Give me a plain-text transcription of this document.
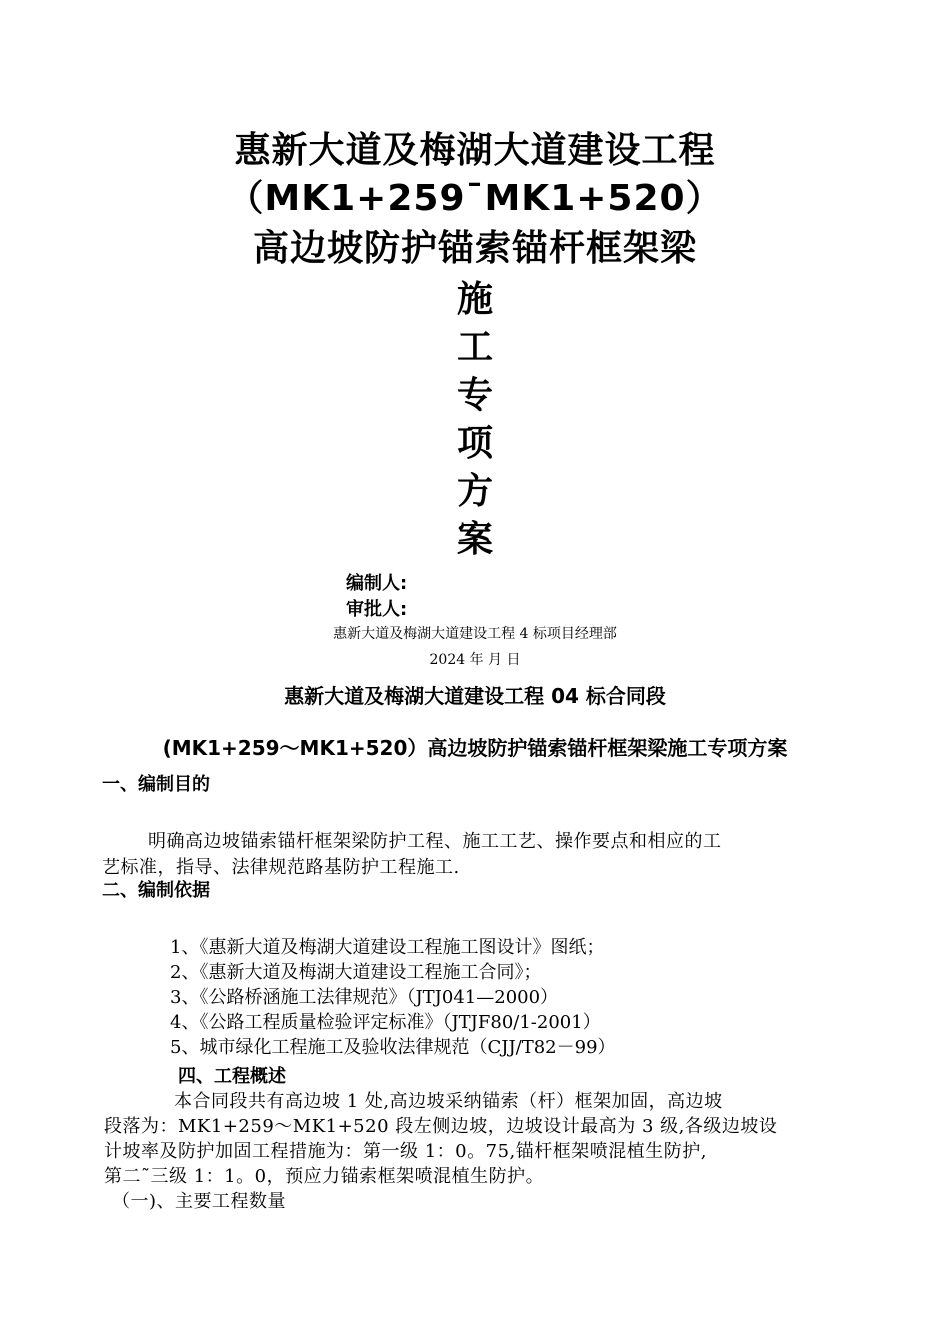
惠新大道及梅湖大道建设工程
（MK1+259¯MK1+520）
高边坡防护锚索锚杆框架梁
施
工
专
项
方
案
编制人:
审批人:
惠新大道及梅湖大道建设工程 4 标项目经理部
2024 年 月 日
惠新大道及梅湖大道建设工程 04 标合同段
(MK1+259～MK1+520）高边坡防护锚索锚杆框架梁施工专项方案
一、编制目的
明确高边坡锚索锚杆框架梁防护工程、施工工艺、操作要点和相应的工
艺标准，指导、法律规范路基防护工程施工.
二、编制依据
1、《惠新大道及梅湖大道建设工程施工图设计》图纸；
2、《惠新大道及梅湖大道建设工程施工合同》；
3、《公路桥涵施工法律规范》（JTJ041—2000）
4、《公路工程质量检验评定标准》（JTJF80/1-2001）
5、城市绿化工程施工及验收法律规范（CJJ/T82－99）
四、工程概述
本合同段共有高边坡 1 处,高边坡采纳锚索（杆）框架加固，高边坡
段落为：MK1+259～MK1+520 段左侧边坡，边坡设计最高为 3 级,各级边坡设
计坡率及防护加固工程措施为：第一级 1：0。75,锚杆框架喷混植生防护,
第二˜三级 1：1。0，预应力锚索框架喷混植生防护。
（一)、主要工程数量
